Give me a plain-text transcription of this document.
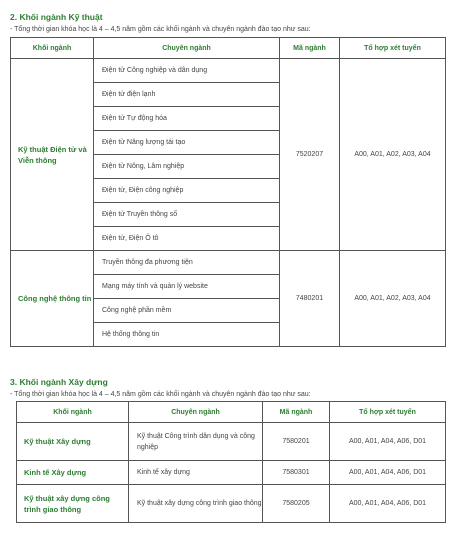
2. Khối ngành Kỹ thuật
- Tổng thời gian khóa học là 4 – 4,5 năm gồm các khối ngành và chuyên ngành đào tạo như sau:
Khối ngành	Chuyên ngành	Mã ngành	Tổ hợp xét tuyển
Kỹ thuật Điện tử và Viễn thông	Điện tử Công nghiệp và dân dụng	7520207	A00, A01, A02, A03, A04
	Điện tử điện lạnh		
	Điện tử Tự động hóa		
	Điện tử Năng lượng tái tạo		
	Điện tử Nông, Lâm nghiệp		
	Điện tử, Điện công nghiệp		
	Điện tử Truyền thông số		
	Điện tử, Điện Ô tô		
Công nghệ thông tin	Truyền thông đa phương tiện	7480201	A00, A01, A02, A03, A04
	Mạng máy tính và quản lý website		
	Công nghệ phần mềm		
	Hệ thống thông tin		
3. Khối ngành Xây dựng
- Tổng thời gian khóa học là 4 – 4,5 năm gồm các khối ngành và chuyên ngành đào tạo như sau:
Khối ngành	Chuyên ngành	Mã ngành	Tổ hợp xét tuyển
Kỹ thuật Xây dựng	Kỹ thuật Công trình dân dụng và công nghiệp	7580201	A00, A01, A04, A06, D01
Kinh tế Xây dựng	Kinh tế xây dựng	7580301	A00, A01, A04, A06, D01
Kỹ thuật xây dựng công trình giao thông	Kỹ thuật xây dựng công trình giao thông	7580205	A00, A01, A04, A06, D01
